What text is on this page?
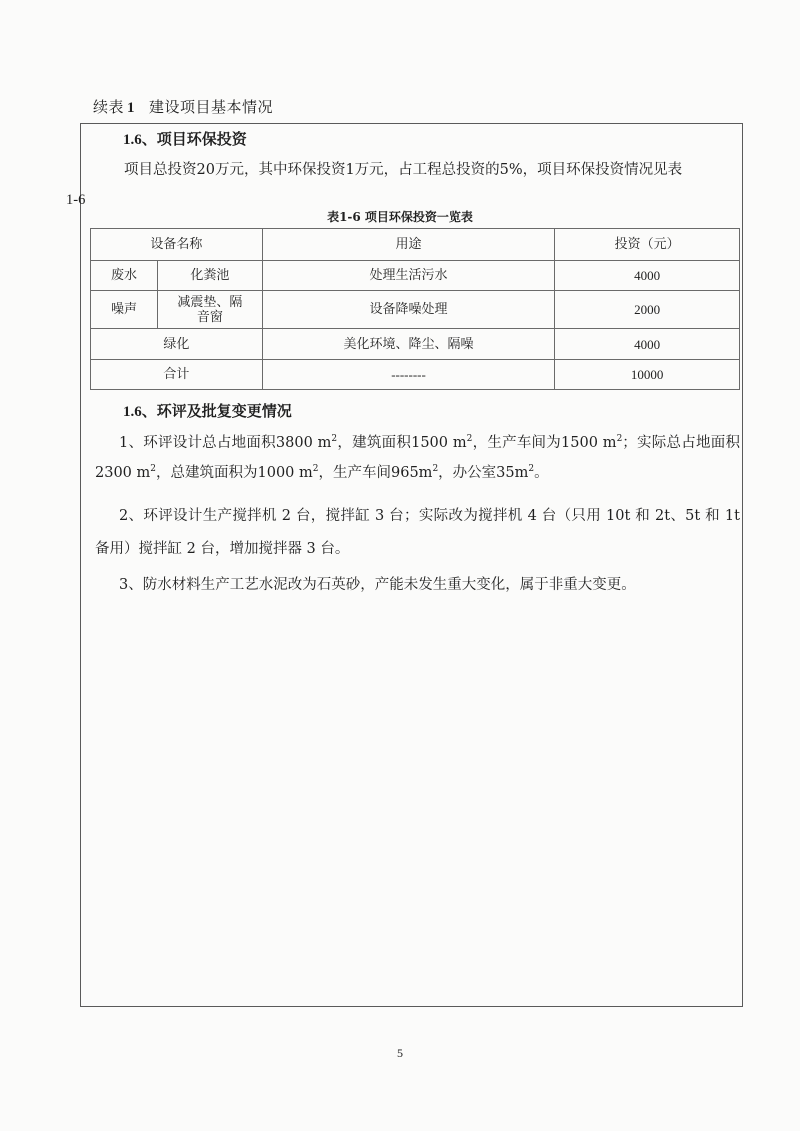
续表 1 建设项目基本情况
1.6、项目环保投资
项目总投资20万元，其中环保投资1万元，占工程总投资的5%，项目环保投资情况见表
1-6
表1-6 项目环保投资一览表
设备名称		用途	投资（元）
废水	化粪池	处理生活污水	4000
噪声	减震垫、隔音窗	设备降噪处理	2000
绿化		美化环境、降尘、隔噪	4000
合计		--------	10000
1.6、环评及批复变更情况
1、环评设计总占地面积3800 $m^2$，建筑面积1500 $m^2$，生产车间为1500 $m^2$；实际总占地面积2300 $m^2$，总建筑面积为1000 $m^2$，生产车间$965m^2$，办公室$35m^2$。
2、环评设计生产搅拌机 2 台，搅拌缸 3 台；实际改为搅拌机 4 台（只用 10t 和 2t、5t 和 1t 备用）搅拌缸 2 台，增加搅拌器 3 台。
3、防水材料生产工艺水泥改为石英砂，产能未发生重大变化，属于非重大变更。
5
